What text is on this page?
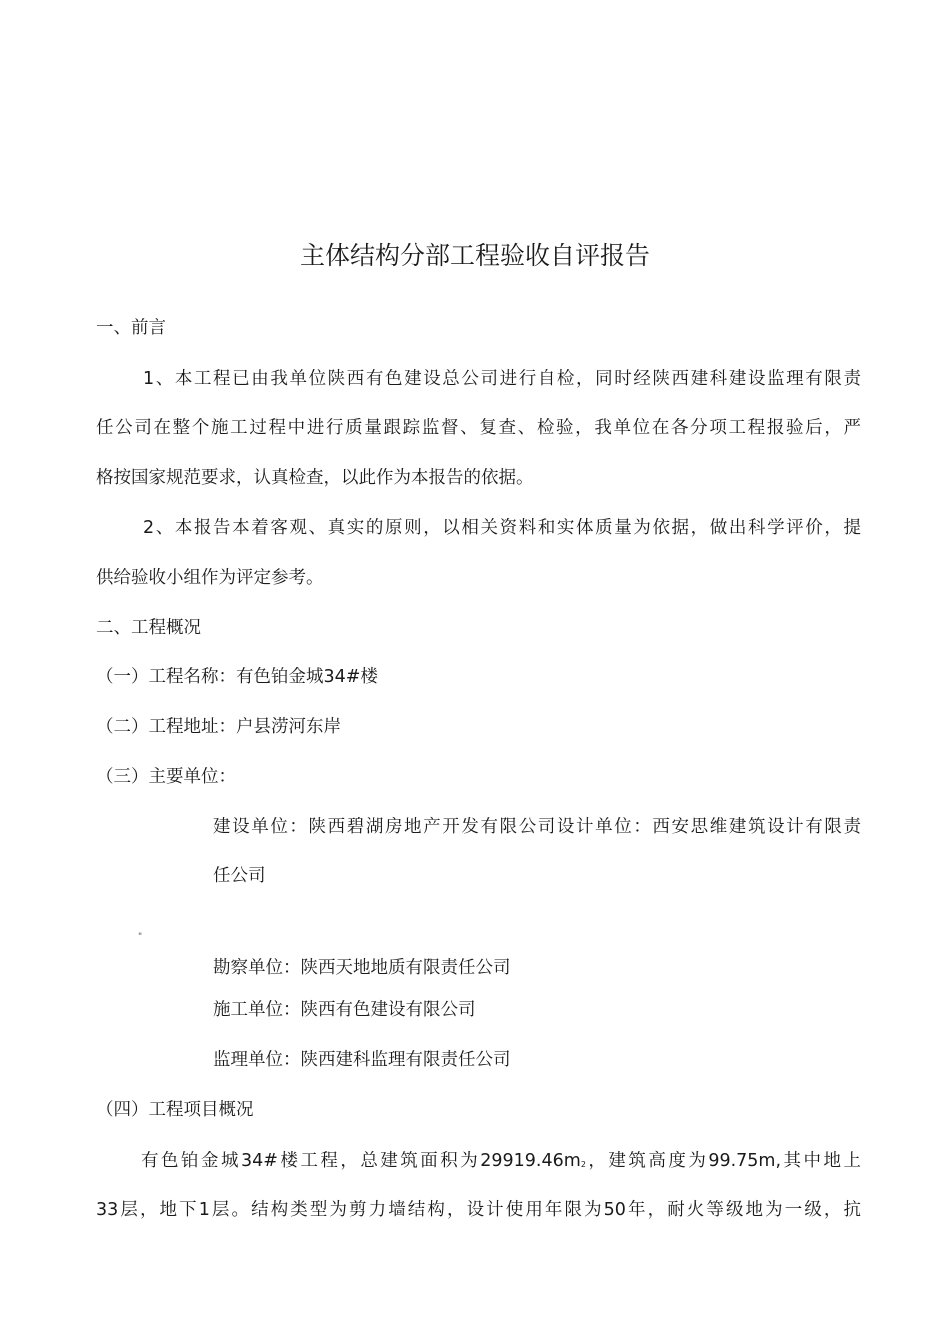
主体结构分部工程验收自评报告

一、前言

1、本工程已由我单位陕西有色建设总公司进行自检，同时经陕西建科建设监理有限责

任公司在整个施工过程中进行质量跟踪监督、复查、检验，我单位在各分项工程报验后，严

格按国家规范要求，认真检查，以此作为本报告的依据。

2、本报告本着客观、真实的原则，以相关资料和实体质量为依据，做出科学评价，提

供给验收小组作为评定参考。

二、工程概况

（一）工程名称：有色铂金城34#楼

（二）工程地址：户县涝河东岸

（三）主要单位：

建设单位：陕西碧湖房地产开发有限公司设计单位：西安思维建筑设计有限责

任公司

"

勘察单位：陕西天地地质有限责任公司

施工单位：陕西有色建设有限公司

监理单位：陕西建科监理有限责任公司

（四）工程项目概况

有色铂金城34#楼工程，总建筑面积为$29919.46m_2$，建筑高度为99.75m,其中地上

33层，地下1层。结构类型为剪力墙结构，设计使用年限为50年，耐火等级地为一级，抗
